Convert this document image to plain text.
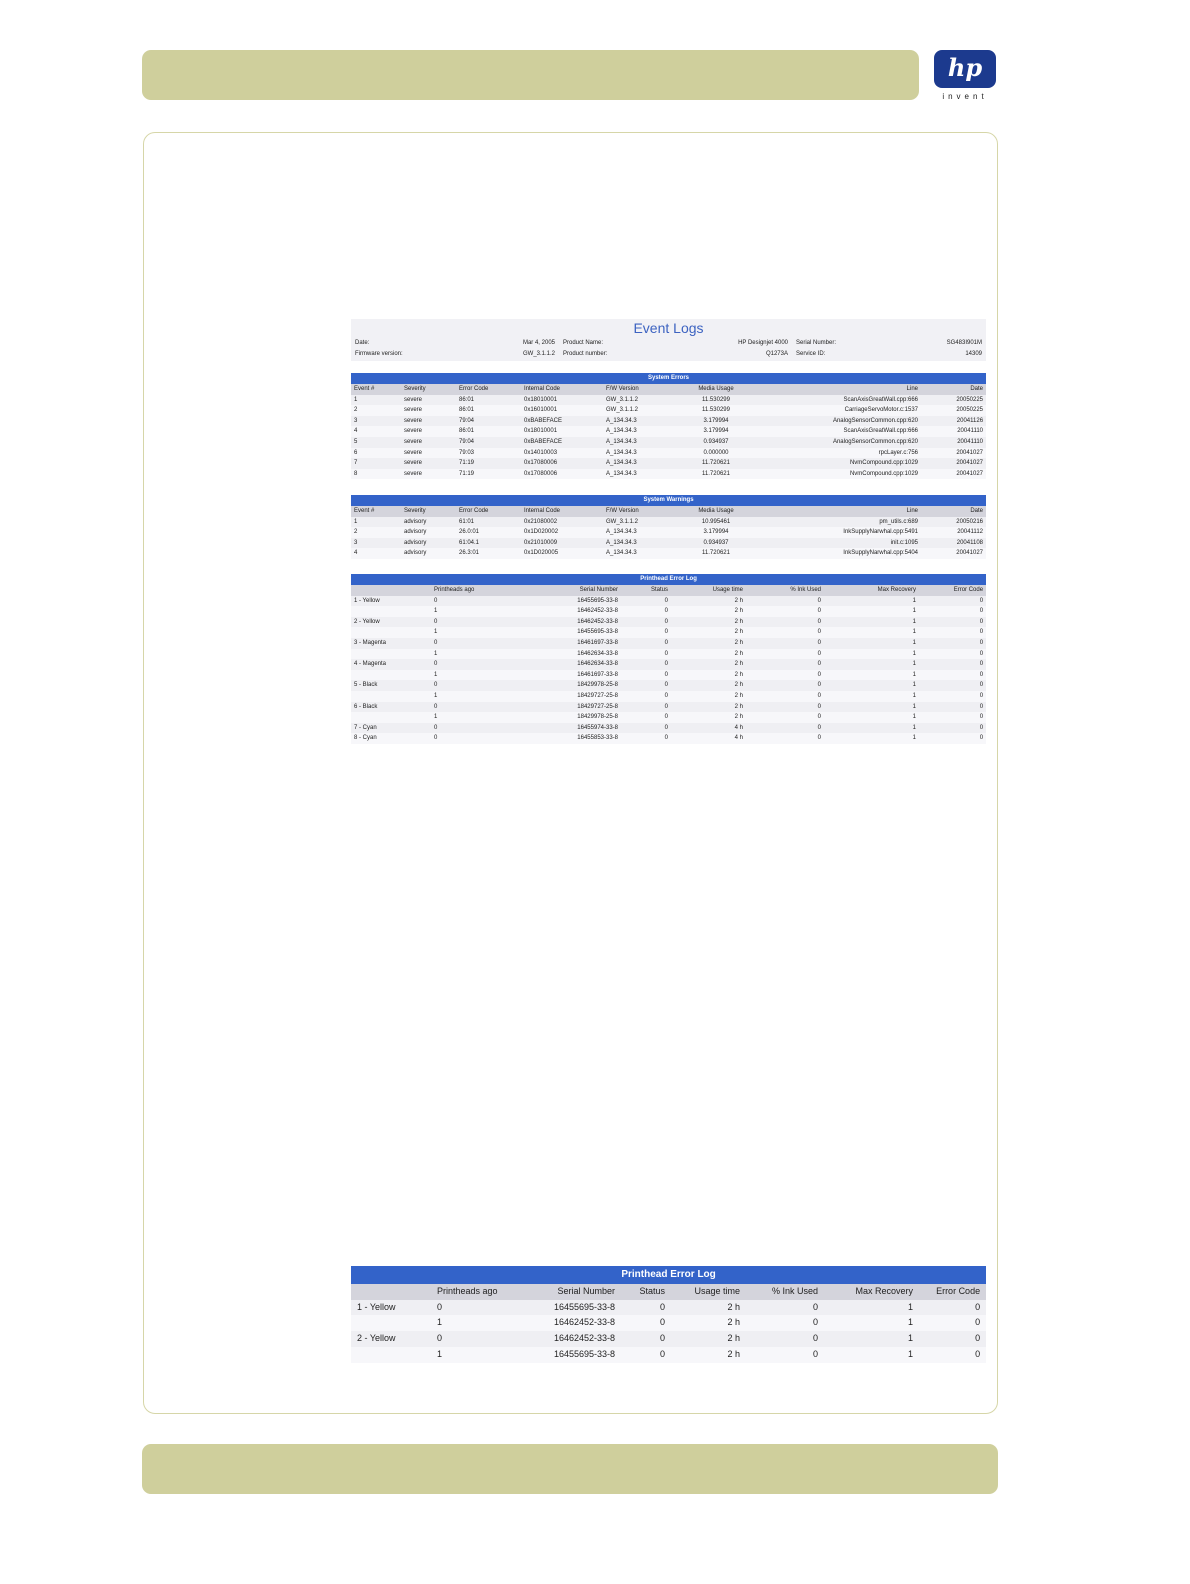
hp
invent
Event Logs
Date:	Mar 4, 2005 Product Name:	HP Designjet 4000 Serial Number:	SG483I901M
Firmware version:	GW_3.1.1.2 Product number:	Q1273A Service ID:	14309
System Errors							
Event #	Severity	Error Code	Internal Code	F/W Version	Media Usage	Line	Date
1	severe	86:01	0x18010001	GW_3.1.1.2	11.530299	ScanAxisGreatWall.cpp:666	20050225
2	severe	86:01	0x16010001	GW_3.1.1.2	11.530299	CarriageServoMotor.c:1537	20050225
3	severe	79:04	0xBABEFACE	A_134.34.3	3.179994	AnalogSensorCommon.cpp:620	20041126
4	severe	86:01	0x18010001	A_134.34.3	3.179994	ScanAxisGreatWall.cpp:666	20041110
5	severe	79:04	0xBABEFACE	A_134.34.3	0.934937	AnalogSensorCommon.cpp:620	20041110
6	severe	79:03	0x14010003	A_134.34.3	0.000000	rpcLayer.c:756	20041027
7	severe	71:19	0x17080006	A_134.34.3	11.720621	NvmCompound.cpp:1029	20041027
8	severe	71:19	0x17080006	A_134.34.3	11.720621	NvmCompound.cpp:1029	20041027
System Warnings							
Event #	Severity	Error Code	Internal Code	F/W Version	Media Usage	Line	Date
1	advisory	61:01	0x21080002	GW_3.1.1.2	10.995461	pm_utils.c:689	20050216
2	advisory	26.0:01	0x1D020002	A_134.34.3	3.179994	InkSupplyNarwhal.cpp:5491	20041112
3	advisory	61:04.1	0x21010009	A_134.34.3	0.934937	init.c:1095	20041108
4	advisory	26.3:01	0x1D020005	A_134.34.3	11.720621	InkSupplyNarwhal.cpp:5404	20041027
Printhead Error Log							
	Printheads ago	Serial Number	Status	Usage time	% Ink Used	Max Recovery	Error Code
1 - Yellow	0	16455695-33-8	0	2 h	0	1	0
	1	16462452-33-8	0	2 h	0	1	0
2 - Yellow	0	16462452-33-8	0	2 h	0	1	0
	1	16455695-33-8	0	2 h	0	1	0
3 - Magenta	0	16461697-33-8	0	2 h	0	1	0
	1	16462634-33-8	0	2 h	0	1	0
4 - Magenta	0	16462634-33-8	0	2 h	0	1	0
	1	16461697-33-8	0	2 h	0	1	0
5 - Black	0	18429978-25-8	0	2 h	0	1	0
	1	18429727-25-8	0	2 h	0	1	0
6 - Black	0	18429727-25-8	0	2 h	0	1	0
	1	18429978-25-8	0	2 h	0	1	0
7 - Cyan	0	16455974-33-8	0	4 h	0	1	0
8 - Cyan	0	16455853-33-8	0	4 h	0	1	0
Printhead Error Log							
	Printheads ago	Serial Number	Status	Usage time	% Ink Used	Max Recovery	Error Code
1 - Yellow	0	16455695-33-8	0	2 h	0	1	0
	1	16462452-33-8	0	2 h	0	1	0
2 - Yellow	0	16462452-33-8	0	2 h	0	1	0
	1	16455695-33-8	0	2 h	0	1	0
